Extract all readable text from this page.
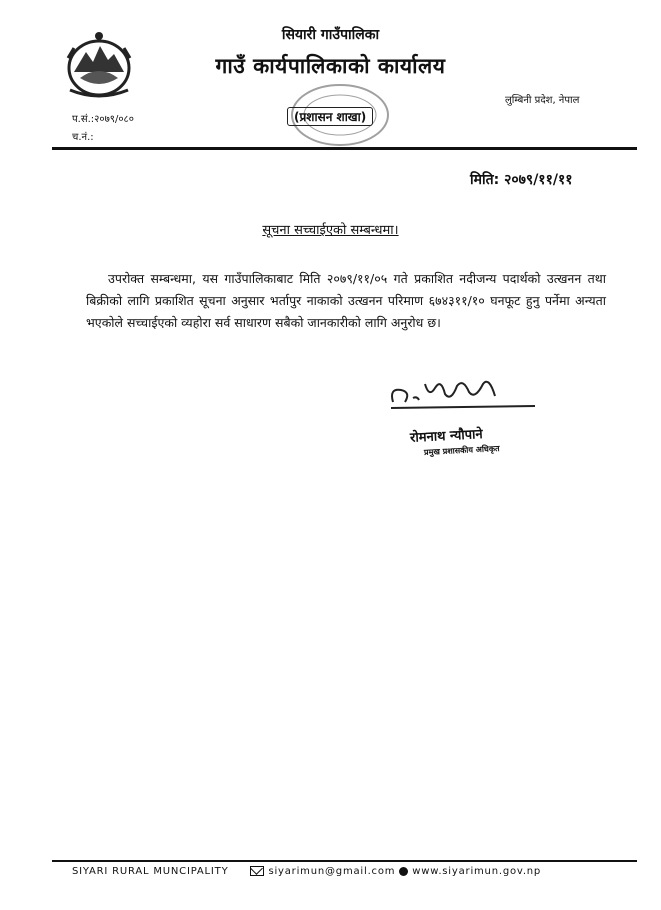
सियारी गाउँपालिका
गाउँ कार्यपालिकाको कार्यालय
लुम्बिनी प्रदेश, नेपाल
(प्रशासन शाखा)
प.सं.:२०७९/०८०
च.नं.:
मिति: २०७९/११/११
सूचना सच्चाईएको सम्बन्धमा।
उपरोक्त सम्बन्धमा, यस गाउँपालिकाबाट मिति २०७९/११/०५ गते प्रकाशित नदीजन्य पदार्थको उत्खनन तथा बिक्रीको लागि प्रकाशित सूचना अनुसार भर्तापुर नाकाको उत्खनन परिमाण ६७४३११/१० घनफूट हुनु पर्नेमा अन्यता भएकोले सच्चाईएको व्यहोरा सर्व साधारण सबैको जानकारीको लागि अनुरोध छ।
रोमनाथ न्यौपाने
प्रमुख प्रशासकीय अधिकृत
SIYARI RURAL MUNCIPALITY	siyarimun@gmail.com www.siyarimun.gov.np
